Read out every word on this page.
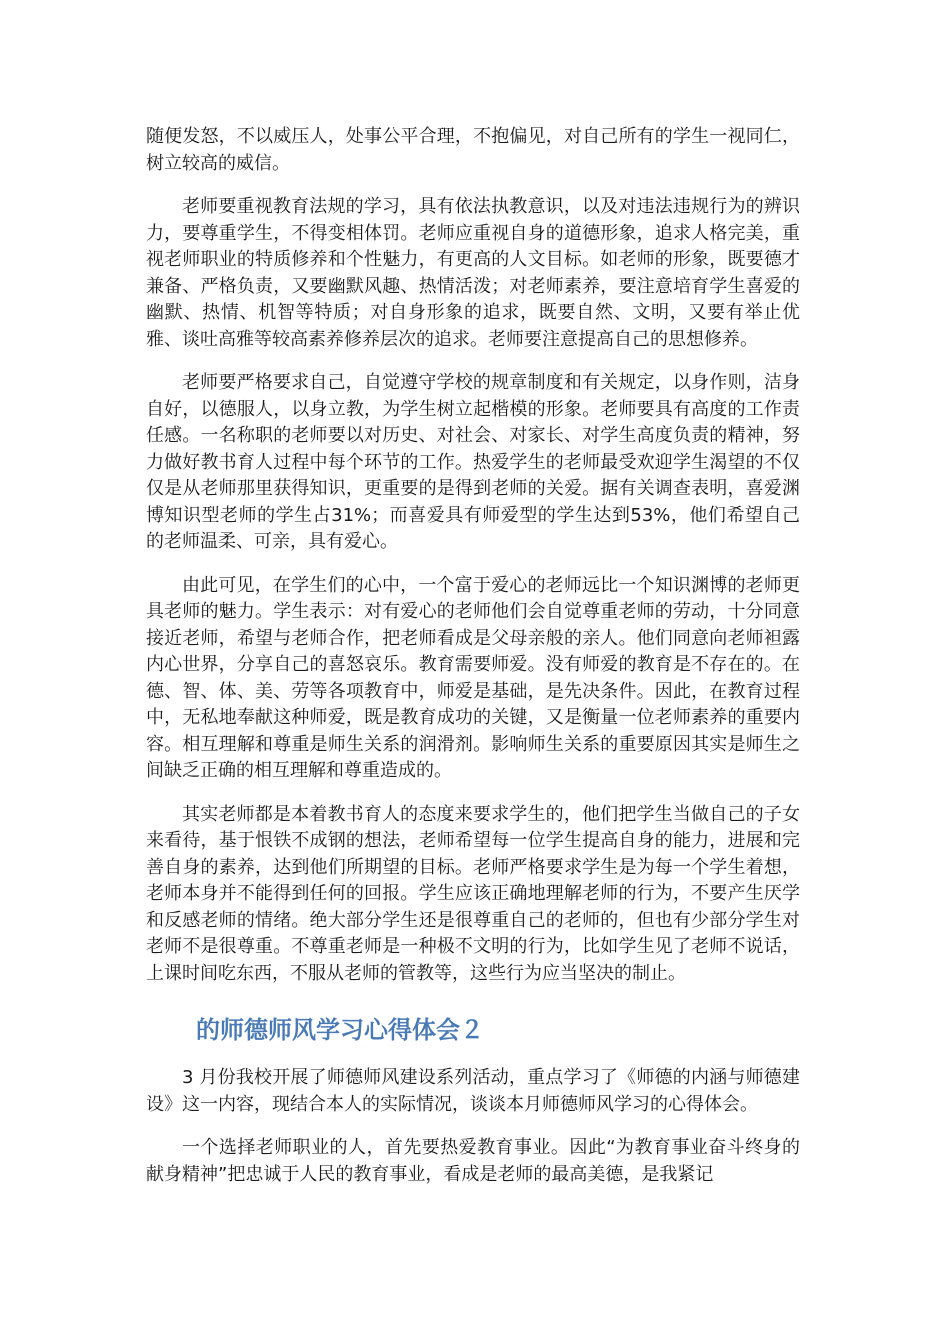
随便发怒，不以威压人，处事公平合理，不抱偏见，对自己所有的学生一视同仁，树立较高的威信。

老师要重视教育法规的学习，具有依法执教意识，以及对违法违规行为的辨识力，要尊重学生，不得变相体罚。老师应重视自身的道德形象，追求人格完美，重视老师职业的特质修养和个性魅力，有更高的人文目标。如老师的形象，既要德才兼备、严格负责，又要幽默风趣、热情活泼；对老师素养，要注意培育学生喜爱的幽默、热情、机智等特质；对自身形象的追求，既要自然、文明，又要有举止优雅、谈吐高雅等较高素养修养层次的追求。老师要注意提高自己的思想修养。

老师要严格要求自己，自觉遵守学校的规章制度和有关规定，以身作则，洁身自好，以德服人，以身立教，为学生树立起楷模的形象。老师要具有高度的工作责任感。一名称职的老师要以对历史、对社会、对家长、对学生高度负责的精神，努力做好教书育人过程中每个环节的工作。热爱学生的老师最受欢迎学生渴望的不仅仅是从老师那里获得知识，更重要的是得到老师的关爱。据有关调查表明，喜爱渊博知识型老师的学生占31%；而喜爱具有师爱型的学生达到53%，他们希望自己的老师温柔、可亲，具有爱心。

由此可见，在学生们的心中，一个富于爱心的老师远比一个知识渊博的老师更具老师的魅力。学生表示：对有爱心的老师他们会自觉尊重老师的劳动，十分同意接近老师，希望与老师合作，把老师看成是父母亲般的亲人。他们同意向老师袒露内心世界，分享自己的喜怒哀乐。教育需要师爱。没有师爱的教育是不存在的。在德、智、体、美、劳等各项教育中，师爱是基础，是先决条件。因此，在教育过程中，无私地奉献这种师爱，既是教育成功的关键，又是衡量一位老师素养的重要内容。相互理解和尊重是师生关系的润滑剂。影响师生关系的重要原因其实是师生之间缺乏正确的相互理解和尊重造成的。

其实老师都是本着教书育人的态度来要求学生的，他们把学生当做自己的子女来看待，基于恨铁不成钢的想法，老师希望每一位学生提高自身的能力，进展和完善自身的素养，达到他们所期望的目标。老师严格要求学生是为每一个学生着想，老师本身并不能得到任何的回报。学生应该正确地理解老师的行为，不要产生厌学和反感老师的情绪。绝大部分学生还是很尊重自己的老师的，但也有少部分学生对老师不是很尊重。不尊重老师是一种极不文明的行为，比如学生见了老师不说话，上课时间吃东西，不服从老师的管教等，这些行为应当坚决的制止。

的师德师风学习心得体会２

3 月份我校开展了师德师风建设系列活动，重点学习了《师德的内涵与师德建设》这一内容，现结合本人的实际情况，谈谈本月师德师风学习的心得体会。

一个选择老师职业的人，首先要热爱教育事业。因此“为教育事业奋斗终身的献身精神”把忠诚于人民的教育事业，看成是老师的最高美德，是我紧记
